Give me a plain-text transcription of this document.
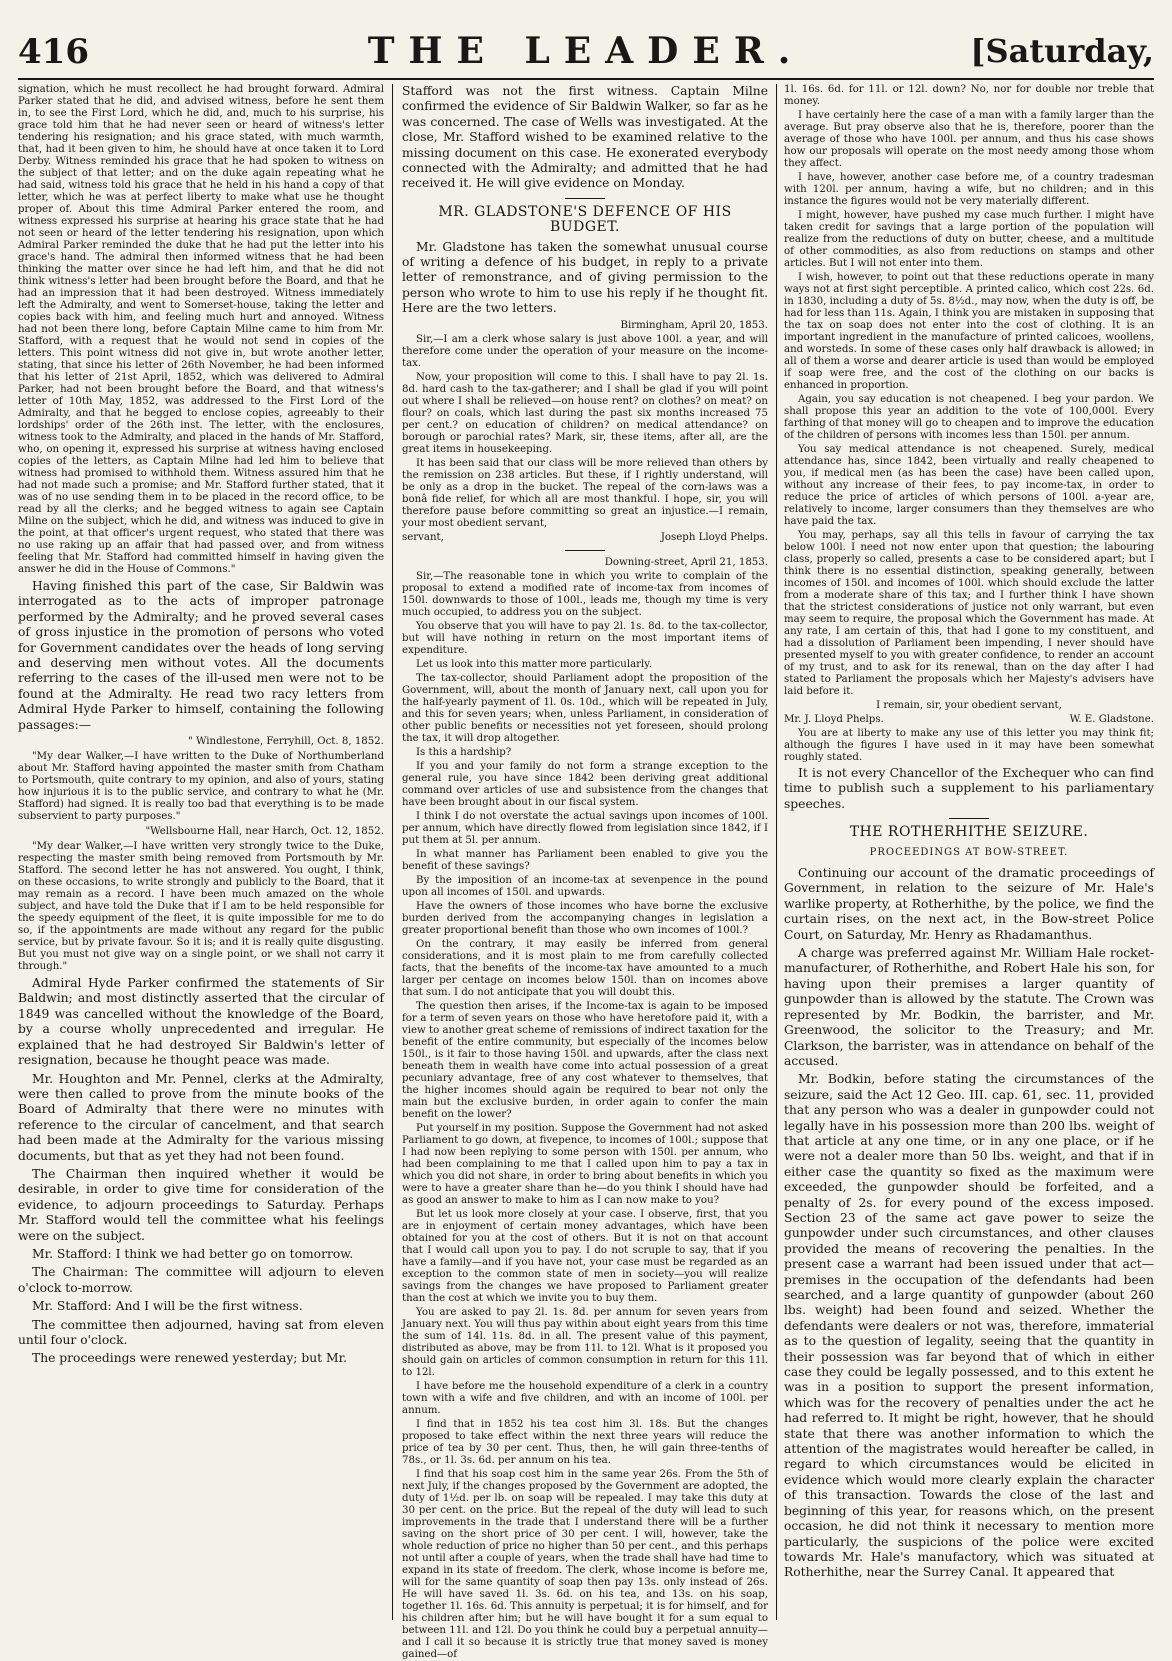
416	THE LEADER.	[Saturday,

signation, which he must recollect he had brought forward. Admiral Parker stated that he did, and advised witness, before he sent them in, to see the First Lord, which he did, and, much to his surprise, his grace told him that he had never seen or heard of witness's letter tendering his resignation; and his grace stated, with much warmth, that, had it been given to him, he should have at once taken it to Lord Derby. Witness reminded his grace that he had spoken to witness on the subject of that letter; and on the duke again repeating what he had said, witness told his grace that he held in his hand a copy of that letter, which he was at perfect liberty to make what use he thought proper of. About this time Admiral Parker entered the room, and witness expressed his surprise at hearing his grace state that he had not seen or heard of the letter tendering his resignation, upon which Admiral Parker reminded the duke that he had put the letter into his grace's hand. The admiral then informed witness that he had been thinking the matter over since he had left him, and that he did not think witness's letter had been brought before the Board, and that he had an impression that it had been destroyed. Witness immediately left the Admiralty, and went to Somerset-house, taking the letter and copies back with him, and feeling much hurt and annoyed. Witness had not been there long, before Captain Milne came to him from Mr. Stafford, with a request that he would not send in copies of the letters. This point witness did not give in, but wrote another letter, stating, that since his letter of 26th November, he had been informed that his letter of 21st April, 1852, which was delivered to Admiral Parker, had not been brought before the Board, and that witness's letter of 10th May, 1852, was addressed to the First Lord of the Admiralty, and that he begged to enclose copies, agreeably to their lordships' order of the 26th inst. The letter, with the enclosures, witness took to the Admiralty, and placed in the hands of Mr. Stafford, who, on opening it, expressed his surprise at witness having enclosed copies of the letters, as Captain Milne had led him to believe that witness had promised to withhold them. Witness assured him that he had not made such a promise; and Mr. Stafford further stated, that it was of no use sending them in to be placed in the record office, to be read by all the clerks; and he begged witness to again see Captain Milne on the subject, which he did, and witness was induced to give in the point, at that officer's urgent request, who stated that there was no use raking up an affair that had passed over, and from witness feeling that Mr. Stafford had committed himself in having given the answer he did in the House of Commons."

Having finished this part of the case, Sir Baldwin was interrogated as to the acts of improper patronage performed by the Admiralty; and he proved several cases of gross injustice in the promotion of persons who voted for Government candidates over the heads of long serving and deserving men without votes. All the documents referring to the cases of the ill-used men were not to be found at the Admiralty. He read two racy letters from Admiral Hyde Parker to himself, containing the following passages:—

" Windlestone, Ferryhill, Oct. 8, 1852.

"My dear Walker,—I have written to the Duke of Northumberland about Mr. Stafford having appointed the master smith from Chatham to Portsmouth, quite contrary to my opinion, and also of yours, stating how injurious it is to the public service, and contrary to what he (Mr. Stafford) had signed. It is really too bad that everything is to be made subservient to party purposes."

"Wellsbourne Hall, near Harch, Oct. 12, 1852.

"My dear Walker,—I have written very strongly twice to the Duke, respecting the master smith being removed from Portsmouth by Mr. Stafford. The second letter he has not answered. You ought, I think, on these occasions, to write strongly and publicly to the Board, that it may remain as a record. I have been much amazed on the whole subject, and have told the Duke that if I am to be held responsible for the speedy equipment of the fleet, it is quite impossible for me to do so, if the appointments are made without any regard for the public service, but by private favour. So it is; and it is really quite disgusting. But you must not give way on a single point, or we shall not carry it through."

Admiral Hyde Parker confirmed the statements of Sir Baldwin; and most distinctly asserted that the circular of 1849 was cancelled without the knowledge of the Board, by a course wholly unprecedented and irregular. He explained that he had destroyed Sir Baldwin's letter of resignation, because he thought peace was made.

Mr. Houghton and Mr. Pennel, clerks at the Admiralty, were then called to prove from the minute books of the Board of Admiralty that there were no minutes with reference to the circular of cancelment, and that search had been made at the Admiralty for the various missing documents, but that as yet they had not been found.

The Chairman then inquired whether it would be desirable, in order to give time for consideration of the evidence, to adjourn proceedings to Saturday. Perhaps Mr. Stafford would tell the committee what his feelings were on the subject.

Mr. Stafford: I think we had better go on tomorrow.

The Chairman: The committee will adjourn to eleven o'clock to-morrow.

Mr. Stafford: And I will be the first witness.

The committee then adjourned, having sat from eleven until four o'clock.

The proceedings were renewed yesterday; but Mr.

Stafford was not the first witness. Captain Milne confirmed the evidence of Sir Baldwin Walker, so far as he was concerned. The case of Wells was investigated. At the close, Mr. Stafford wished to be examined relative to the missing document on this case. He exonerated everybody connected with the Admiralty; and admitted that he had received it. He will give evidence on Monday.

MR. GLADSTONE'S DEFENCE OF HIS BUDGET.

Mr. Gladstone has taken the somewhat unusual course of writing a defence of his budget, in reply to a private letter of remonstrance, and of giving permission to the person who wrote to him to use his reply if he thought fit. Here are the two letters.

Birmingham, April 20, 1853.

Sir,—I am a clerk whose salary is just above 100l. a year, and will therefore come under the operation of your measure on the income-tax.

Now, your proposition will come to this. I shall have to pay 2l. 1s. 8d. hard cash to the tax-gatherer; and I shall be glad if you will point out where I shall be relieved—on house rent? on clothes? on meat? on flour? on coals, which last during the past six months increased 75 per cent.? on education of children? on medical attendance? on borough or parochial rates? Mark, sir, these items, after all, are the great items in housekeeping.

It has been said that our class will be more relieved than others by the remission on 238 articles. But these, if I rightly understand, will be only as a drop in the bucket. The repeal of the corn-laws was a bonâ fide relief, for which all are most thankful. I hope, sir, you will therefore pause before committing so great an injustice.—I remain, your most obedient servant,

servant,	Joseph Lloyd Phelps.

Downing-street, April 21, 1853.

Sir,—The reasonable tone in which you write to complain of the proposal to extend a modified rate of income-tax from incomes of 150l. downwards to those of 100l., leads me, though my time is very much occupied, to address you on the subject.

You observe that you will have to pay 2l. 1s. 8d. to the tax-collector, but will have nothing in return on the most important items of expenditure.

Let us look into this matter more particularly.

The tax-collector, should Parliament adopt the proposition of the Government, will, about the month of January next, call upon you for the half-yearly payment of 1l. 0s. 10d., which will be repeated in July, and this for seven years; when, unless Parliament, in consideration of other public benefits or necessities not yet foreseen, should prolong the tax, it will drop altogether.

Is this a hardship?

If you and your family do not form a strange exception to the general rule, you have since 1842 been deriving great additional command over articles of use and subsistence from the changes that have been brought about in our fiscal system.

I think I do not overstate the actual savings upon incomes of 100l. per annum, which have directly flowed from legislation since 1842, if I put them at 5l. per annum.

In what manner has Parliament been enabled to give you the benefit of these savings?

By the imposition of an income-tax at sevenpence in the pound upon all incomes of 150l. and upwards.

Have the owners of those incomes who have borne the exclusive burden derived from the accompanying changes in legislation a greater proportional benefit than those who own incomes of 100l.?

On the contrary, it may easily be inferred from general considerations, and it is most plain to me from carefully collected facts, that the benefits of the income-tax have amounted to a much larger per centage on incomes below 150l. than on incomes above that sum. I do not anticipate that you will doubt this.

The question then arises, if the Income-tax is again to be imposed for a term of seven years on those who have heretofore paid it, with a view to another great scheme of remissions of indirect taxation for the benefit of the entire community, but especially of the incomes below 150l., is it fair to those having 150l. and upwards, after the class next beneath them in wealth have come into actual possession of a great pecuniary advantage, free of any cost whatever to themselves, that the higher incomes should again be required to bear not only the main but the exclusive burden, in order again to confer the main benefit on the lower?

Put yourself in my position. Suppose the Government had not asked Parliament to go down, at fivepence, to incomes of 100l.; suppose that I had now been replying to some person with 150l. per annum, who had been complaining to me that I called upon him to pay a tax in which you did not share, in order to bring about benefits in which you were to have a greater share than he—do you think I should have had as good an answer to make to him as I can now make to you?

But let us look more closely at your case. I observe, first, that you are in enjoyment of certain money advantages, which have been obtained for you at the cost of others. But it is not on that account that I would call upon you to pay. I do not scruple to say, that if you have a family—and if you have not, your case must be regarded as an exception to the common state of men in society—you will realize savings from the changes we have proposed to Parliament greater than the cost at which we invite you to buy them.

You are asked to pay 2l. 1s. 8d. per annum for seven years from January next. You will thus pay within about eight years from this time the sum of 14l. 11s. 8d. in all. The present value of this payment, distributed as above, may be from 11l. to 12l. What is it proposed you should gain on articles of common consumption in return for this 11l. to 12l.

I have before me the household expenditure of a clerk in a country town with a wife and five children, and with an income of 100l. per annum.

I find that in 1852 his tea cost him 3l. 18s. But the changes proposed to take effect within the next three years will reduce the price of tea by 30 per cent. Thus, then, he will gain three-tenths of 78s., or 1l. 3s. 6d. per annum on his tea.

I find that his soap cost him in the same year 26s. From the 5th of next July, if the changes proposed by the Government are adopted, the duty of 1½d. per lb. on soap will be repealed. I may take this duty at 30 per cent. on the price. But the repeal of the duty will lead to such improvements in the trade that I understand there will be a further saving on the short price of 30 per cent. I will, however, take the whole reduction of price no higher than 50 per cent., and this perhaps not until after a couple of years, when the trade shall have had time to expand in its state of freedom. The clerk, whose income is before me, will for the same quantity of soap then pay 13s. only instead of 26s. He will have saved 1l. 3s. 6d. on his tea, and 13s. on his soap, together 1l. 16s. 6d. This annuity is perpetual; it is for himself, and for his children after him; but he will have bought it for a sum equal to between 11l. and 12l. Do you think he could buy a perpetual annuity—and I call it so because it is strictly true that money saved is money gained—of

1l. 16s. 6d. for 11l. or 12l. down? No, nor for double nor treble that money.

I have certainly here the case of a man with a family larger than the average. But pray observe also that he is, therefore, poorer than the average of those who have 100l. per annum, and thus his case shows how our proposals will operate on the most needy among those whom they affect.

I have, however, another case before me, of a country tradesman with 120l. per annum, having a wife, but no children; and in this instance the figures would not be very materially different.

I might, however, have pushed my case much further. I might have taken credit for savings that a large portion of the population will realize from the reductions of duty on butter, cheese, and a multitude of other commodities, as also from reductions on stamps and other articles. But I will not enter into them.

I wish, however, to point out that these reductions operate in many ways not at first sight perceptible. A printed calico, which cost 22s. 6d. in 1830, including a duty of 5s. 8½d., may now, when the duty is off, be had for less than 11s. Again, I think you are mistaken in supposing that the tax on soap does not enter into the cost of clothing. It is an important ingredient in the manufacture of printed calicoes, woollens, and worsteds. In some of these cases only half drawback is allowed; in all of them a worse and dearer article is used than would be employed if soap were free, and the cost of the clothing on our backs is enhanced in proportion.

Again, you say education is not cheapened. I beg your pardon. We shall propose this year an addition to the vote of 100,000l. Every farthing of that money will go to cheapen and to improve the education of the children of persons with incomes less than 150l. per annum.

You say medical attendance is not cheapened. Surely, medical attendance has, since 1842, been virtually and really cheapened to you, if medical men (as has been the case) have been called upon, without any increase of their fees, to pay income-tax, in order to reduce the price of articles of which persons of 100l. a-year are, relatively to income, larger consumers than they themselves are who have paid the tax.

You may, perhaps, say all this tells in favour of carrying the tax below 100l. I need not now enter upon that question; the labouring class, properly so called, presents a case to be considered apart; but I think there is no essential distinction, speaking generally, between incomes of 150l. and incomes of 100l. which should exclude the latter from a moderate share of this tax; and I further think I have shown that the strictest considerations of justice not only warrant, but even may seem to require, the proposal which the Government has made. At any rate, I am certain of this, that had I gone to my constituent, and had a dissolution of Parliament been impending, I never should have presented myself to you with greater confidence, to render an account of my trust, and to ask for its renewal, than on the day after I had stated to Parliament the proposals which her Majesty's advisers have laid before it.

I remain, sir, your obedient servant,

Mr. J. Lloyd Phelps.	W. E. Gladstone.

You are at liberty to make any use of this letter you may think fit; although the figures I have used in it may have been somewhat roughly stated.

It is not every Chancellor of the Exchequer who can find time to publish such a supplement to his parliamentary speeches.

THE ROTHERHITHE SEIZURE.

PROCEEDINGS AT BOW-STREET.

Continuing our account of the dramatic proceedings of Government, in relation to the seizure of Mr. Hale's warlike property, at Rotherhithe, by the police, we find the curtain rises, on the next act, in the Bow-street Police Court, on Saturday, Mr. Henry as Rhadamanthus.

A charge was preferred against Mr. William Hale rocket-manufacturer, of Rotherhithe, and Robert Hale his son, for having upon their premises a larger quantity of gunpowder than is allowed by the statute. The Crown was represented by Mr. Bodkin, the barrister, and Mr. Greenwood, the solicitor to the Treasury; and Mr. Clarkson, the barrister, was in attendance on behalf of the accused.

Mr. Bodkin, before stating the circumstances of the seizure, said the Act 12 Geo. III. cap. 61, sec. 11, provided that any person who was a dealer in gunpowder could not legally have in his possession more than 200 lbs. weight of that article at any one time, or in any one place, or if he were not a dealer more than 50 lbs. weight, and that if in either case the quantity so fixed as the maximum were exceeded, the gunpowder should be forfeited, and a penalty of 2s. for every pound of the excess imposed. Section 23 of the same act gave power to seize the gunpowder under such circumstances, and other clauses provided the means of recovering the penalties. In the present case a warrant had been issued under that act—premises in the occupation of the defendants had been searched, and a large quantity of gunpowder (about 260 lbs. weight) had been found and seized. Whether the defendants were dealers or not was, therefore, immaterial as to the question of legality, seeing that the quantity in their possession was far beyond that of which in either case they could be legally possessed, and to this extent he was in a position to support the present information, which was for the recovery of penalties under the act he had referred to. It might be right, however, that he should state that there was another information to which the attention of the magistrates would hereafter be called, in regard to which circumstances would be elicited in evidence which would more clearly explain the character of this transaction. Towards the close of the last and beginning of this year, for reasons which, on the present occasion, he did not think it necessary to mention more particularly, the suspicions of the police were excited towards Mr. Hale's manufactory, which was situated at Rotherhithe, near the Surrey Canal. It appeared that
